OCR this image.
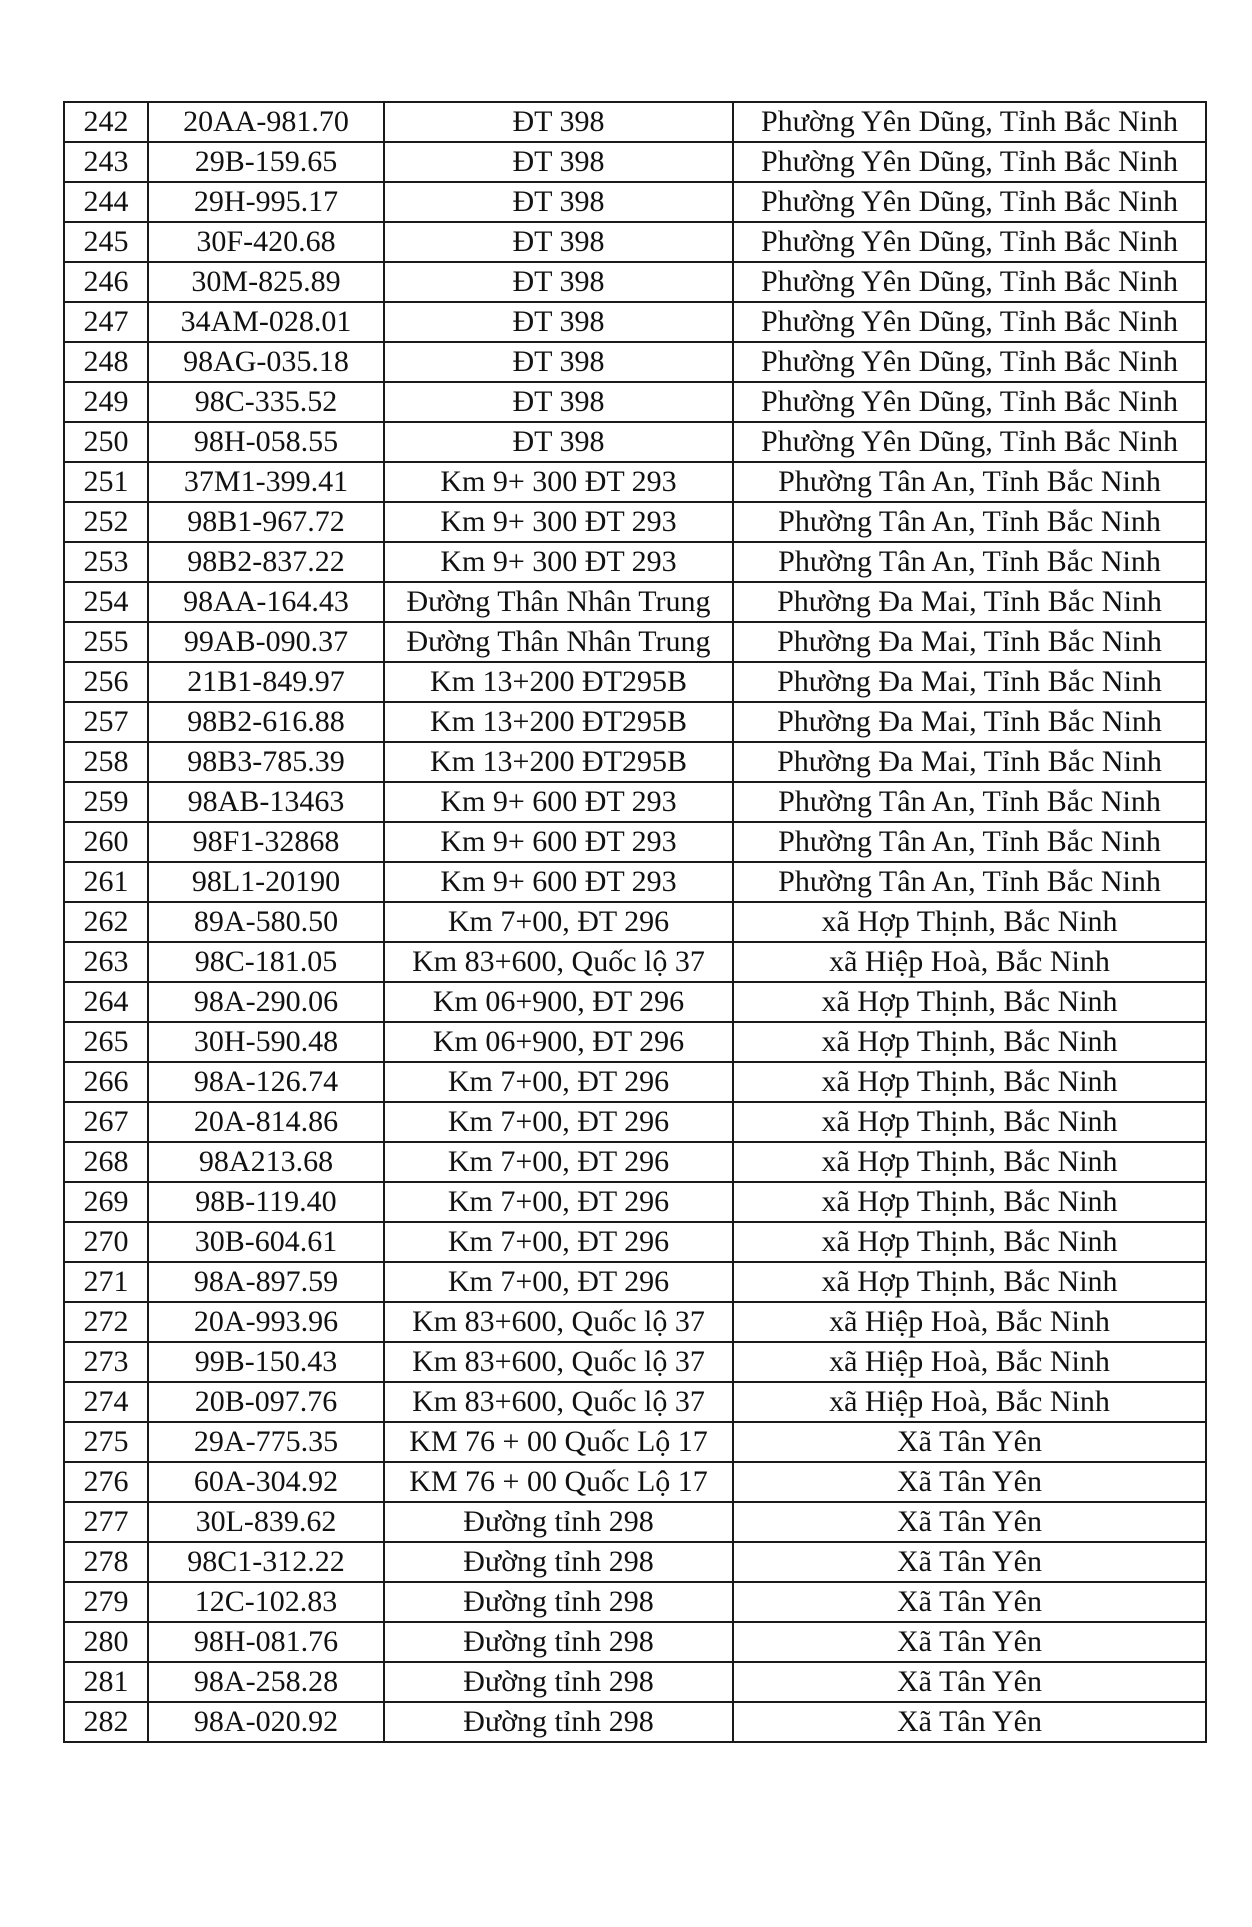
242	20AA-981.70	ĐT 398	Phường Yên Dũng, Tỉnh Bắc Ninh
243	29B-159.65	ĐT 398	Phường Yên Dũng, Tỉnh Bắc Ninh
244	29H-995.17	ĐT 398	Phường Yên Dũng, Tỉnh Bắc Ninh
245	30F-420.68	ĐT 398	Phường Yên Dũng, Tỉnh Bắc Ninh
246	30M-825.89	ĐT 398	Phường Yên Dũng, Tỉnh Bắc Ninh
247	34AM-028.01	ĐT 398	Phường Yên Dũng, Tỉnh Bắc Ninh
248	98AG-035.18	ĐT 398	Phường Yên Dũng, Tỉnh Bắc Ninh
249	98C-335.52	ĐT 398	Phường Yên Dũng, Tỉnh Bắc Ninh
250	98H-058.55	ĐT 398	Phường Yên Dũng, Tỉnh Bắc Ninh
251	37M1-399.41	Km 9+ 300 ĐT 293	Phường Tân An, Tỉnh Bắc Ninh
252	98B1-967.72	Km 9+ 300 ĐT 293	Phường Tân An, Tỉnh Bắc Ninh
253	98B2-837.22	Km 9+ 300 ĐT 293	Phường Tân An, Tỉnh Bắc Ninh
254	98AA-164.43	Đường Thân Nhân Trung	Phường Đa Mai, Tỉnh Bắc Ninh
255	99AB-090.37	Đường Thân Nhân Trung	Phường Đa Mai, Tỉnh Bắc Ninh
256	21B1-849.97	Km 13+200 ĐT295B	Phường Đa Mai, Tỉnh Bắc Ninh
257	98B2-616.88	Km 13+200 ĐT295B	Phường Đa Mai, Tỉnh Bắc Ninh
258	98B3-785.39	Km 13+200 ĐT295B	Phường Đa Mai, Tỉnh Bắc Ninh
259	98AB-13463	Km 9+ 600 ĐT 293	Phường Tân An, Tỉnh Bắc Ninh
260	98F1-32868	Km 9+ 600 ĐT 293	Phường Tân An, Tỉnh Bắc Ninh
261	98L1-20190	Km 9+ 600 ĐT 293	Phường Tân An, Tỉnh Bắc Ninh
262	89A-580.50	Km 7+00, ĐT 296	xã Hợp Thịnh, Bắc Ninh
263	98C-181.05	Km 83+600, Quốc lộ 37	xã Hiệp Hoà, Bắc Ninh
264	98A-290.06	Km 06+900, ĐT 296	xã Hợp Thịnh, Bắc Ninh
265	30H-590.48	Km 06+900, ĐT 296	xã Hợp Thịnh, Bắc Ninh
266	98A-126.74	Km 7+00, ĐT 296	xã Hợp Thịnh, Bắc Ninh
267	20A-814.86	Km 7+00, ĐT 296	xã Hợp Thịnh, Bắc Ninh
268	98A213.68	Km 7+00, ĐT 296	xã Hợp Thịnh, Bắc Ninh
269	98B-119.40	Km 7+00, ĐT 296	xã Hợp Thịnh, Bắc Ninh
270	30B-604.61	Km 7+00, ĐT 296	xã Hợp Thịnh, Bắc Ninh
271	98A-897.59	Km 7+00, ĐT 296	xã Hợp Thịnh, Bắc Ninh
272	20A-993.96	Km 83+600, Quốc lộ 37	xã Hiệp Hoà, Bắc Ninh
273	99B-150.43	Km 83+600, Quốc lộ 37	xã Hiệp Hoà, Bắc Ninh
274	20B-097.76	Km 83+600, Quốc lộ 37	xã Hiệp Hoà, Bắc Ninh
275	29A-775.35	KM 76 + 00 Quốc Lộ 17	Xã Tân Yên
276	60A-304.92	KM 76 + 00 Quốc Lộ 17	Xã Tân Yên
277	30L-839.62	Đường tỉnh 298	Xã Tân Yên
278	98C1-312.22	Đường tỉnh 298	Xã Tân Yên
279	12C-102.83	Đường tỉnh 298	Xã Tân Yên
280	98H-081.76	Đường tỉnh 298	Xã Tân Yên
281	98A-258.28	Đường tỉnh 298	Xã Tân Yên
282	98A-020.92	Đường tỉnh 298	Xã Tân Yên
